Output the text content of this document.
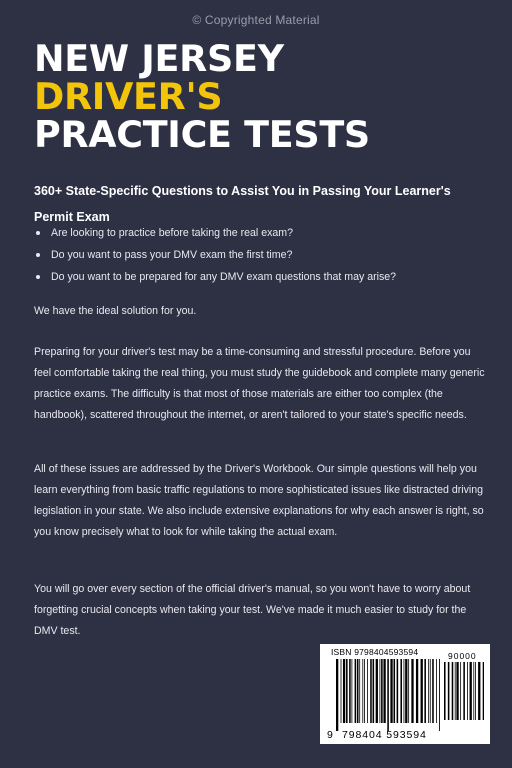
© Copyrighted Material
NEW JERSEY
DRIVER'S
PRACTICE TESTS
360+ State-Specific Questions to Assist You in Passing Your Learner's Permit Exam
Are looking to practice before taking the real exam?
Do you want to pass your DMV exam the first time?
Do you want to be prepared for any DMV exam questions that may arise?

We have the ideal solution for you.

Preparing for your driver's test may be a time-consuming and stressful procedure. Before you feel comfortable taking the real thing, you must study the guidebook and complete many generic practice exams. The difficulty is that most of those materials are either too complex (the handbook), scattered throughout the internet, or aren't tailored to your state's specific needs.

All of these issues are addressed by the Driver's Workbook. Our simple questions will help you learn everything from basic traffic regulations to more sophisticated issues like distracted driving legislation in your state. We also include extensive explanations for why each answer is right, so you know precisely what to look for while taking the actual exam.

You will go over every section of the official driver's manual, so you won't have to worry about forgetting crucial concepts when taking your test. We've made it much easier to study for the DMV test.

ISBN 9798404593594	90000
9 798404 593594
